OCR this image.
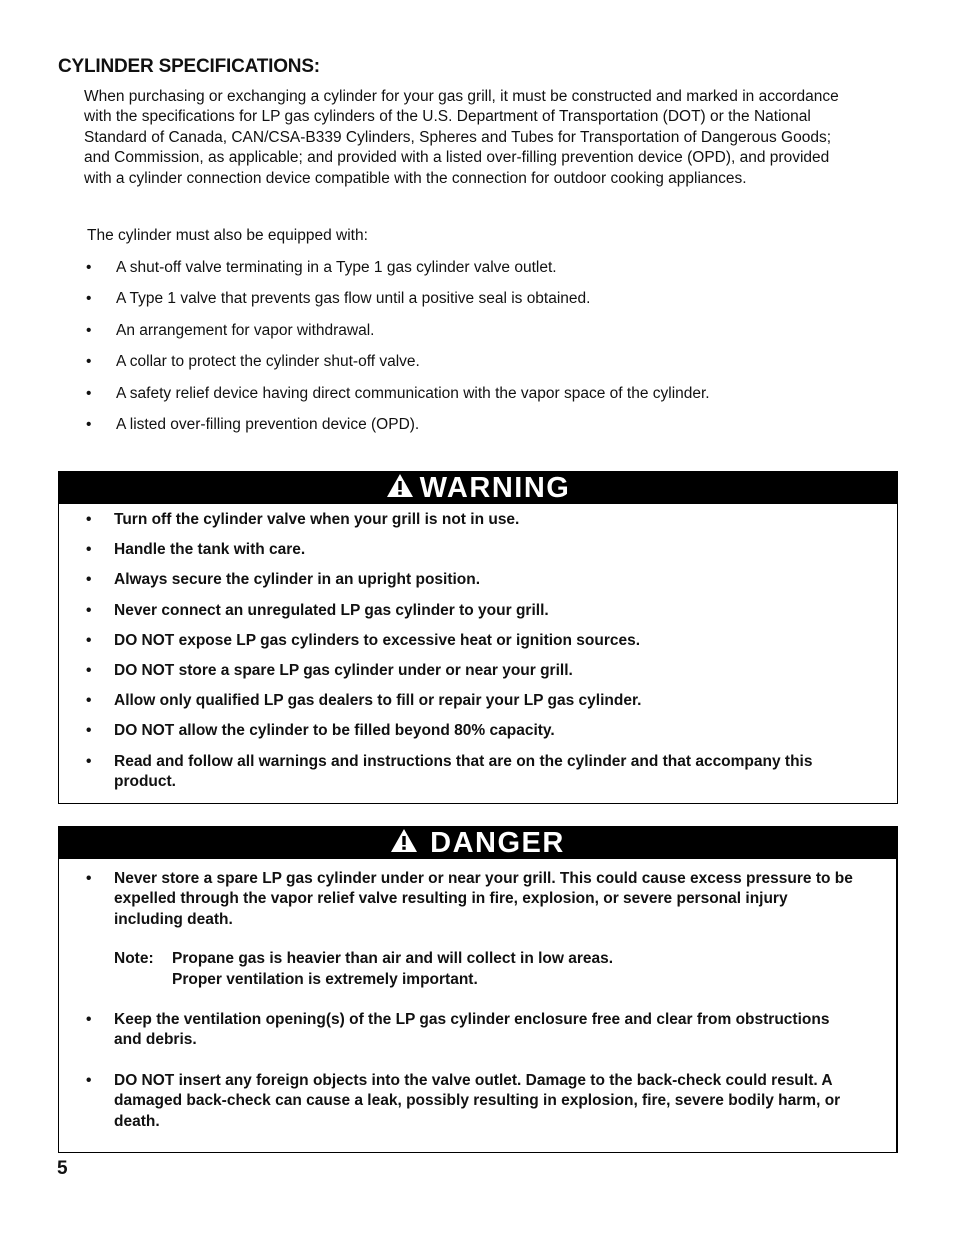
CYLINDER SPECIFICATIONS:

When purchasing or exchanging a cylinder for your gas grill, it must be constructed and marked in accordance with the specifications for LP gas cylinders of the U.S. Department of Transportation (DOT) or the National Standard of Canada, CAN/CSA-B339 Cylinders, Spheres and Tubes for Transportation of Dangerous Goods; and Commission, as applicable; and provided with a listed over-filling prevention device (OPD), and provided with a cylinder connection device compatible with the connection for outdoor cooking appliances.

The cylinder must also be equipped with:

• A shut-off valve terminating in a Type 1 gas cylinder valve outlet.
• A Type 1 valve that prevents gas flow until a positive seal is obtained.
• An arrangement for vapor withdrawal.
• A collar to protect the cylinder shut-off valve.
• A safety relief device having direct communication with the vapor space of the cylinder.
• A listed over-filling prevention device (OPD).
WARNING
• Turn off the cylinder valve when your grill is not in use.
• Handle the tank with care.
• Always secure the cylinder in an upright position.
• Never connect an unregulated LP gas cylinder to your grill.
• DO NOT expose LP gas cylinders to excessive heat or ignition sources.
• DO NOT store a spare LP gas cylinder under or near your grill.
• Allow only qualified LP gas dealers to fill or repair your LP gas cylinder.
• DO NOT allow the cylinder to be filled beyond 80% capacity.
• Read and follow all warnings and instructions that are on the cylinder and that accompany this product.
DANGER
• Never store a spare LP gas cylinder under or near your grill. This could cause excess pressure to be expelled through the vapor relief valve resulting in fire, explosion, or severe personal injury including death.
Note:	Propane gas is heavier than air and will collect in low areas.
Proper ventilation is extremely important.
• Keep the ventilation opening(s) of the LP gas cylinder enclosure free and clear from obstructions and debris.
• DO NOT insert any foreign objects into the valve outlet. Damage to the back-check could result. A damaged back-check can cause a leak, possibly resulting in explosion, fire, severe bodily harm, or death.

5
